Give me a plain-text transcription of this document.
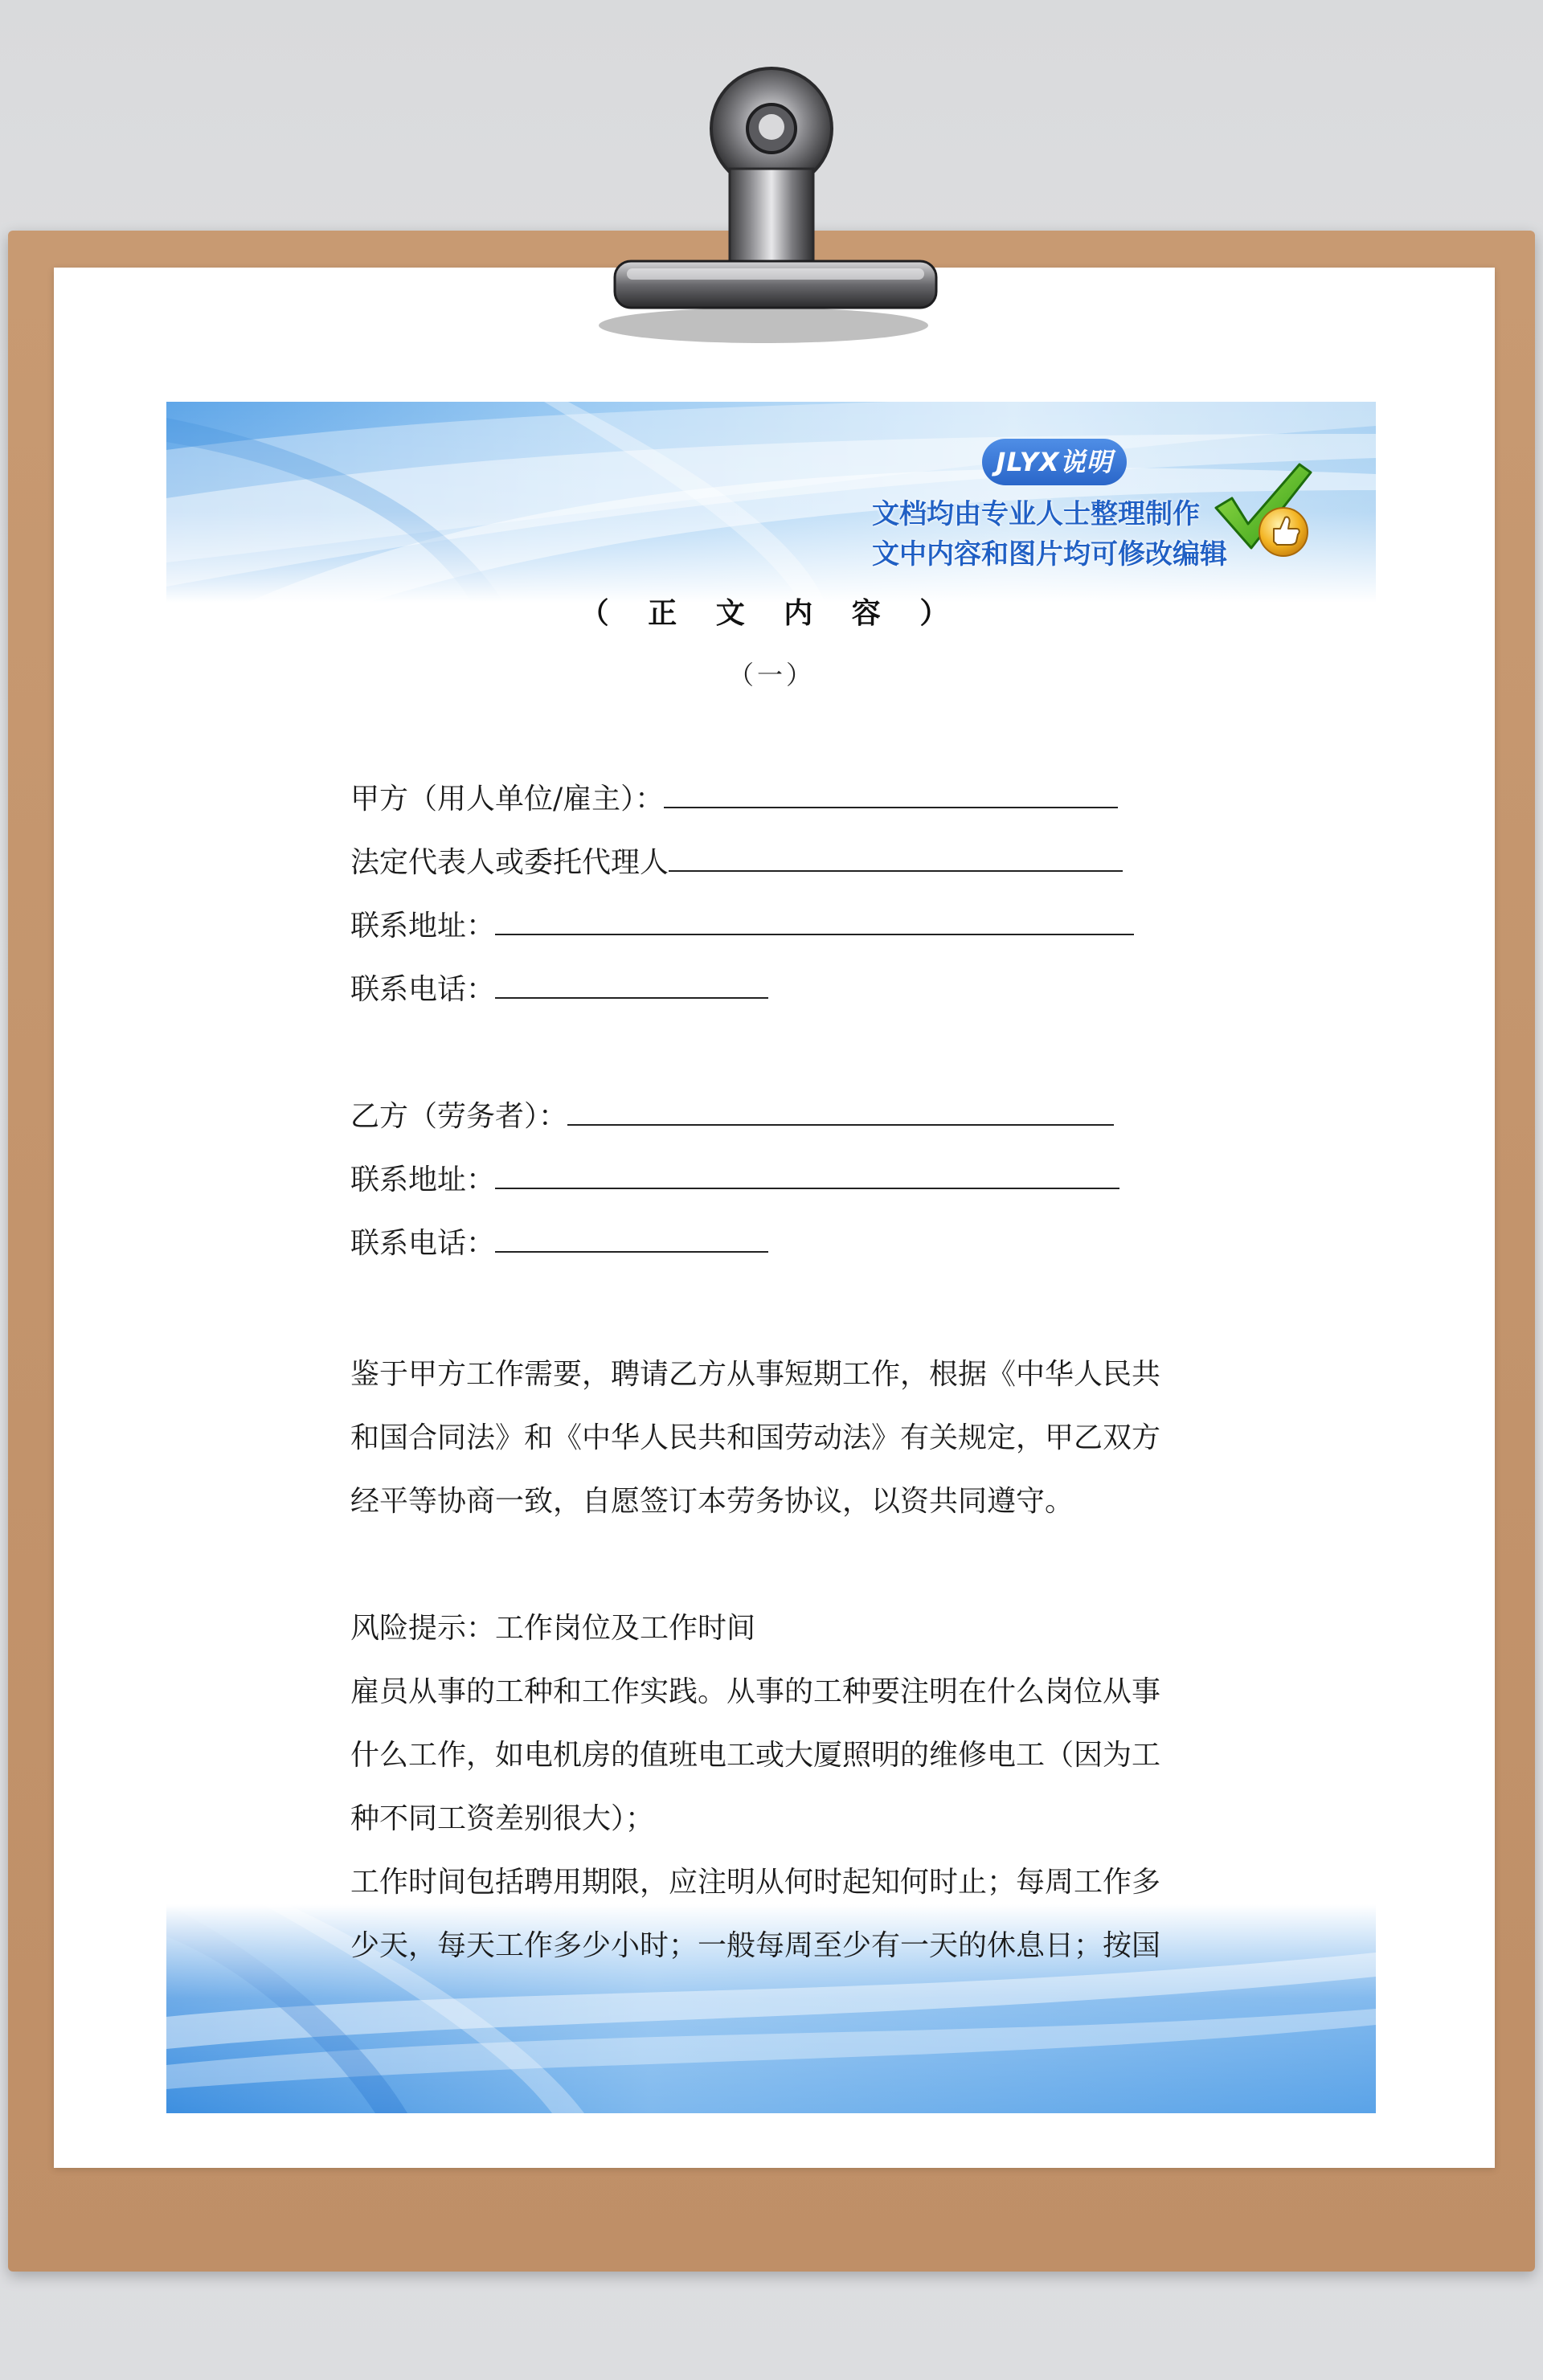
JLYX说明
文档均由专业人士整理制作
文中内容和图片均可修改编辑
（ 正 文 内 容 ）
（一）
甲方（用人单位/雇主）：
法定代表人或委托代理人
联系地址：
联系电话：
乙方（劳务者）：
联系地址：
联系电话：
鉴于甲方工作需要，聘请乙方从事短期工作，根据《中华人民共
和国合同法》和《中华人民共和国劳动法》有关规定，甲乙双方
经平等协商一致，自愿签订本劳务协议，以资共同遵守。
风险提示：工作岗位及工作时间
雇员从事的工种和工作实践。从事的工种要注明在什么岗位从事
什么工作，如电机房的值班电工或大厦照明的维修电工（因为工
种不同工资差别很大）；
工作时间包括聘用期限，应注明从何时起知何时止；每周工作多
少天，每天工作多少小时；一般每周至少有一天的休息日；按国
